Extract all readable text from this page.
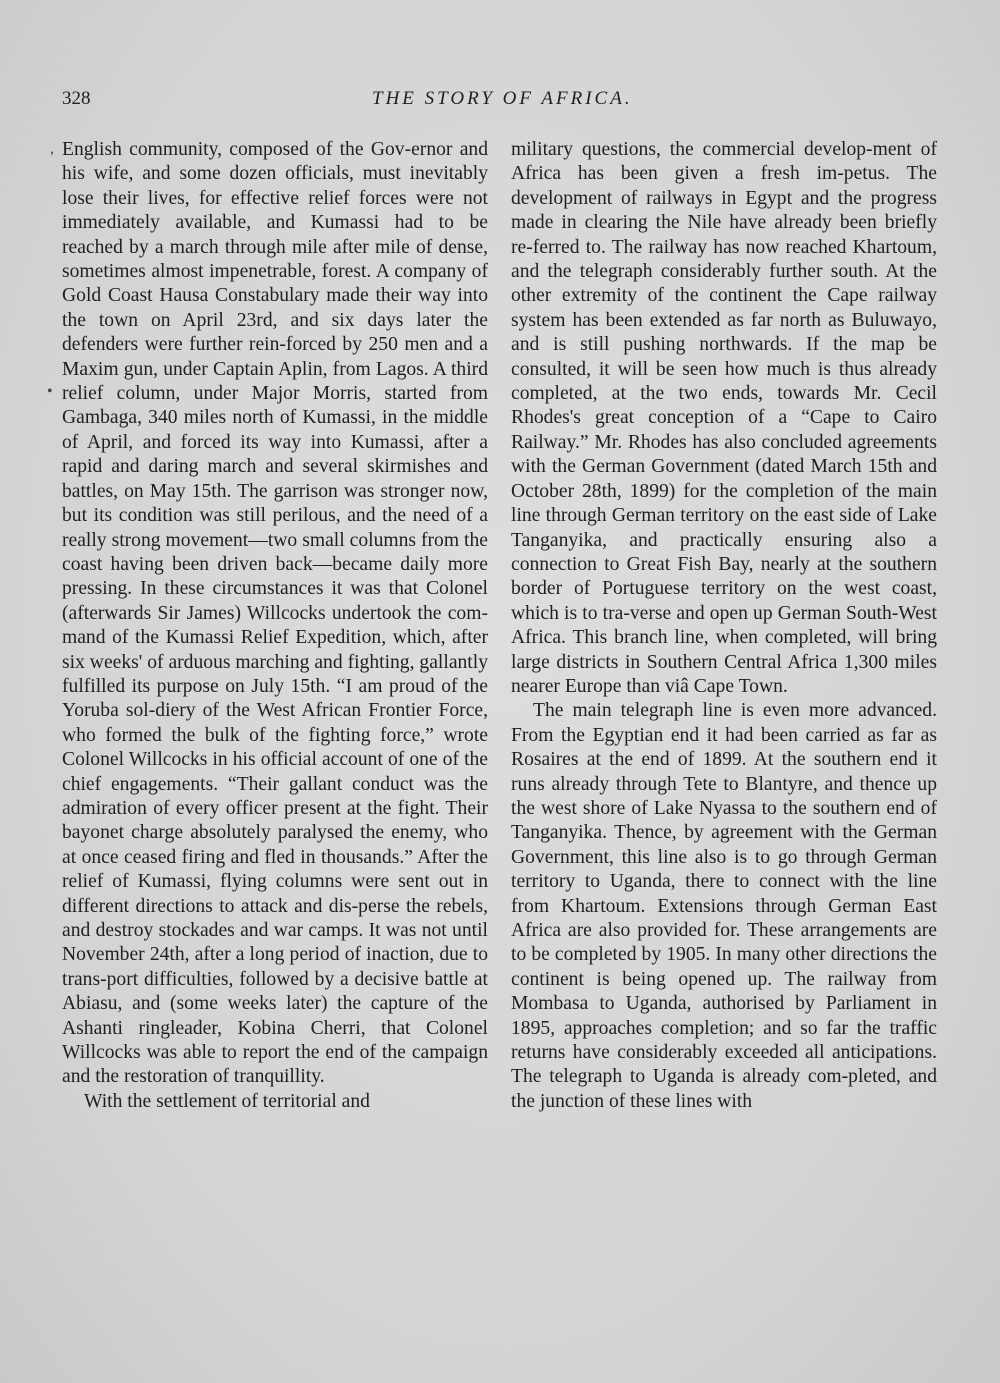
328	THE STORY OF AFRICA.
,
•

English community, composed of the Gov-ernor and his wife, and some dozen officials, must inevitably lose their lives, for effective relief forces were not immediately available, and Kumassi had to be reached by a march through mile after mile of dense, sometimes almost impenetrable, forest. A company of Gold Coast Hausa Constabulary made their way into the town on April 23rd, and six days later the defenders were further rein-forced by 250 men and a Maxim gun, under Captain Aplin, from Lagos. A third relief column, under Major Morris, started from Gambaga, 340 miles north of Kumassi, in the middle of April, and forced its way into Kumassi, after a rapid and daring march and several skirmishes and battles, on May 15th. The garrison was stronger now, but its condition was still perilous, and the need of a really strong movement—two small columns from the coast having been driven back—became daily more pressing. In these circumstances it was that Colonel (afterwards Sir James) Willcocks undertook the com-mand of the Kumassi Relief Expedition, which, after six weeks' of arduous marching and fighting, gallantly fulfilled its purpose on July 15th. “I am proud of the Yoruba sol-diery of the West African Frontier Force, who formed the bulk of the fighting force,” wrote Colonel Willcocks in his official account of one of the chief engagements. “Their gallant conduct was the admiration of every officer present at the fight. Their bayonet charge absolutely paralysed the enemy, who at once ceased firing and fled in thousands.” After the relief of Kumassi, flying columns were sent out in different directions to attack and dis-perse the rebels, and destroy stockades and war camps. It was not until November 24th, after a long period of inaction, due to trans-port difficulties, followed by a decisive battle at Abiasu, and (some weeks later) the capture of the Ashanti ringleader, Kobina Cherri, that Colonel Willcocks was able to report the end of the campaign and the restoration of tranquillity.

With the settlement of territorial and

military questions, the commercial develop-ment of Africa has been given a fresh im-petus. The development of railways in Egypt and the progress made in clearing the Nile have already been briefly re-ferred to. The railway has now reached Khartoum, and the telegraph considerably further south. At the other extremity of the continent the Cape railway system has been extended as far north as Buluwayo, and is still pushing northwards. If the map be consulted, it will be seen how much is thus already completed, at the two ends, towards Mr. Cecil Rhodes's great conception of a “Cape to Cairo Railway.” Mr. Rhodes has also concluded agreements with the German Government (dated March 15th and October 28th, 1899) for the completion of the main line through German territory on the east side of Lake Tanganyika, and practically ensuring also a connection to Great Fish Bay, nearly at the southern border of Portuguese territory on the west coast, which is to tra-verse and open up German South-West Africa. This branch line, when completed, will bring large districts in Southern Central Africa 1,300 miles nearer Europe than viâ Cape Town.

The main telegraph line is even more advanced. From the Egyptian end it had been carried as far as Rosaires at the end of 1899. At the southern end it runs already through Tete to Blantyre, and thence up the west shore of Lake Nyassa to the southern end of Tanganyika. Thence, by agreement with the German Government, this line also is to go through German territory to Uganda, there to connect with the line from Khartoum. Extensions through German East Africa are also provided for. These arrangements are to be completed by 1905. In many other directions the continent is being opened up. The railway from Mombasa to Uganda, authorised by Parliament in 1895, approaches completion; and so far the traffic returns have considerably exceeded all anticipations. The telegraph to Uganda is already com-pleted, and the junction of these lines with
